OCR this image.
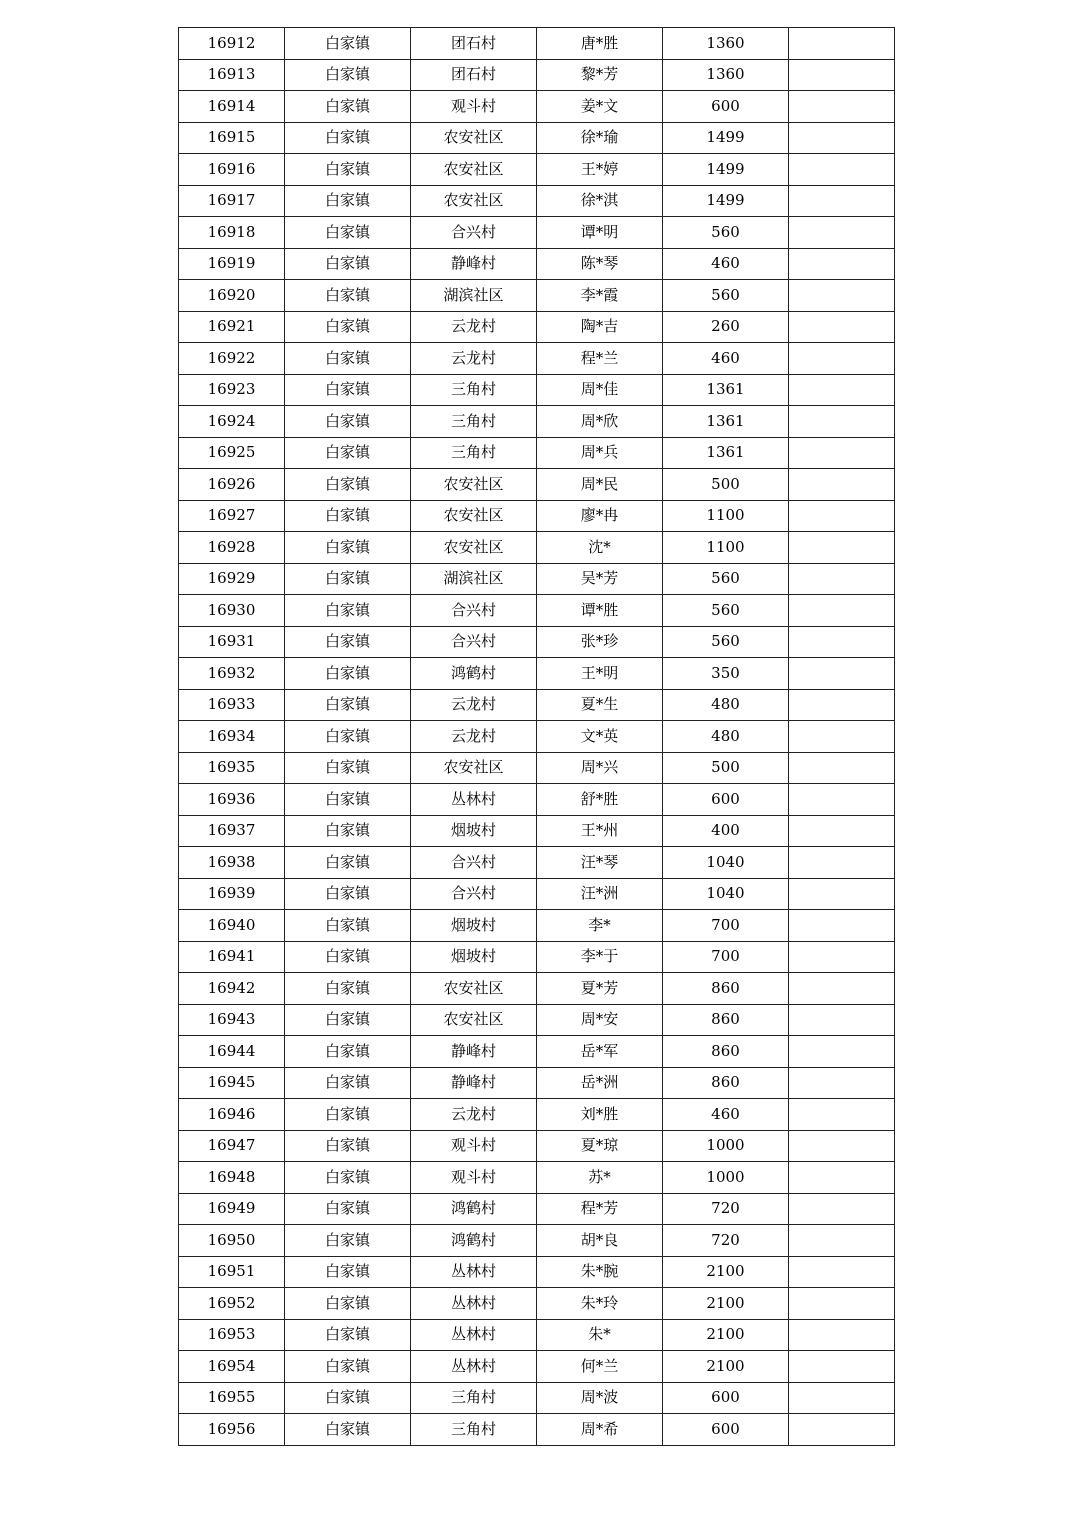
16912	白家镇	团石村	唐*胜	1360	
16913	白家镇	团石村	黎*芳	1360	
16914	白家镇	观斗村	姜*文	600	
16915	白家镇	农安社区	徐*瑜	1499	
16916	白家镇	农安社区	王*婷	1499	
16917	白家镇	农安社区	徐*淇	1499	
16918	白家镇	合兴村	谭*明	560	
16919	白家镇	静峰村	陈*琴	460	
16920	白家镇	湖滨社区	李*霞	560	
16921	白家镇	云龙村	陶*吉	260	
16922	白家镇	云龙村	程*兰	460	
16923	白家镇	三角村	周*佳	1361	
16924	白家镇	三角村	周*欣	1361	
16925	白家镇	三角村	周*兵	1361	
16926	白家镇	农安社区	周*民	500	
16927	白家镇	农安社区	廖*冉	1100	
16928	白家镇	农安社区	沈*	1100	
16929	白家镇	湖滨社区	吴*芳	560	
16930	白家镇	合兴村	谭*胜	560	
16931	白家镇	合兴村	张*珍	560	
16932	白家镇	鸿鹤村	王*明	350	
16933	白家镇	云龙村	夏*生	480	
16934	白家镇	云龙村	文*英	480	
16935	白家镇	农安社区	周*兴	500	
16936	白家镇	丛林村	舒*胜	600	
16937	白家镇	烟坡村	王*州	400	
16938	白家镇	合兴村	汪*琴	1040	
16939	白家镇	合兴村	汪*洲	1040	
16940	白家镇	烟坡村	李*	700	
16941	白家镇	烟坡村	李*于	700	
16942	白家镇	农安社区	夏*芳	860	
16943	白家镇	农安社区	周*安	860	
16944	白家镇	静峰村	岳*军	860	
16945	白家镇	静峰村	岳*洲	860	
16946	白家镇	云龙村	刘*胜	460	
16947	白家镇	观斗村	夏*琼	1000	
16948	白家镇	观斗村	苏*	1000	
16949	白家镇	鸿鹤村	程*芳	720	
16950	白家镇	鸿鹤村	胡*良	720	
16951	白家镇	丛林村	朱*腕	2100	
16952	白家镇	丛林村	朱*玲	2100	
16953	白家镇	丛林村	朱*	2100	
16954	白家镇	丛林村	何*兰	2100	
16955	白家镇	三角村	周*波	600	
16956	白家镇	三角村	周*希	600	
